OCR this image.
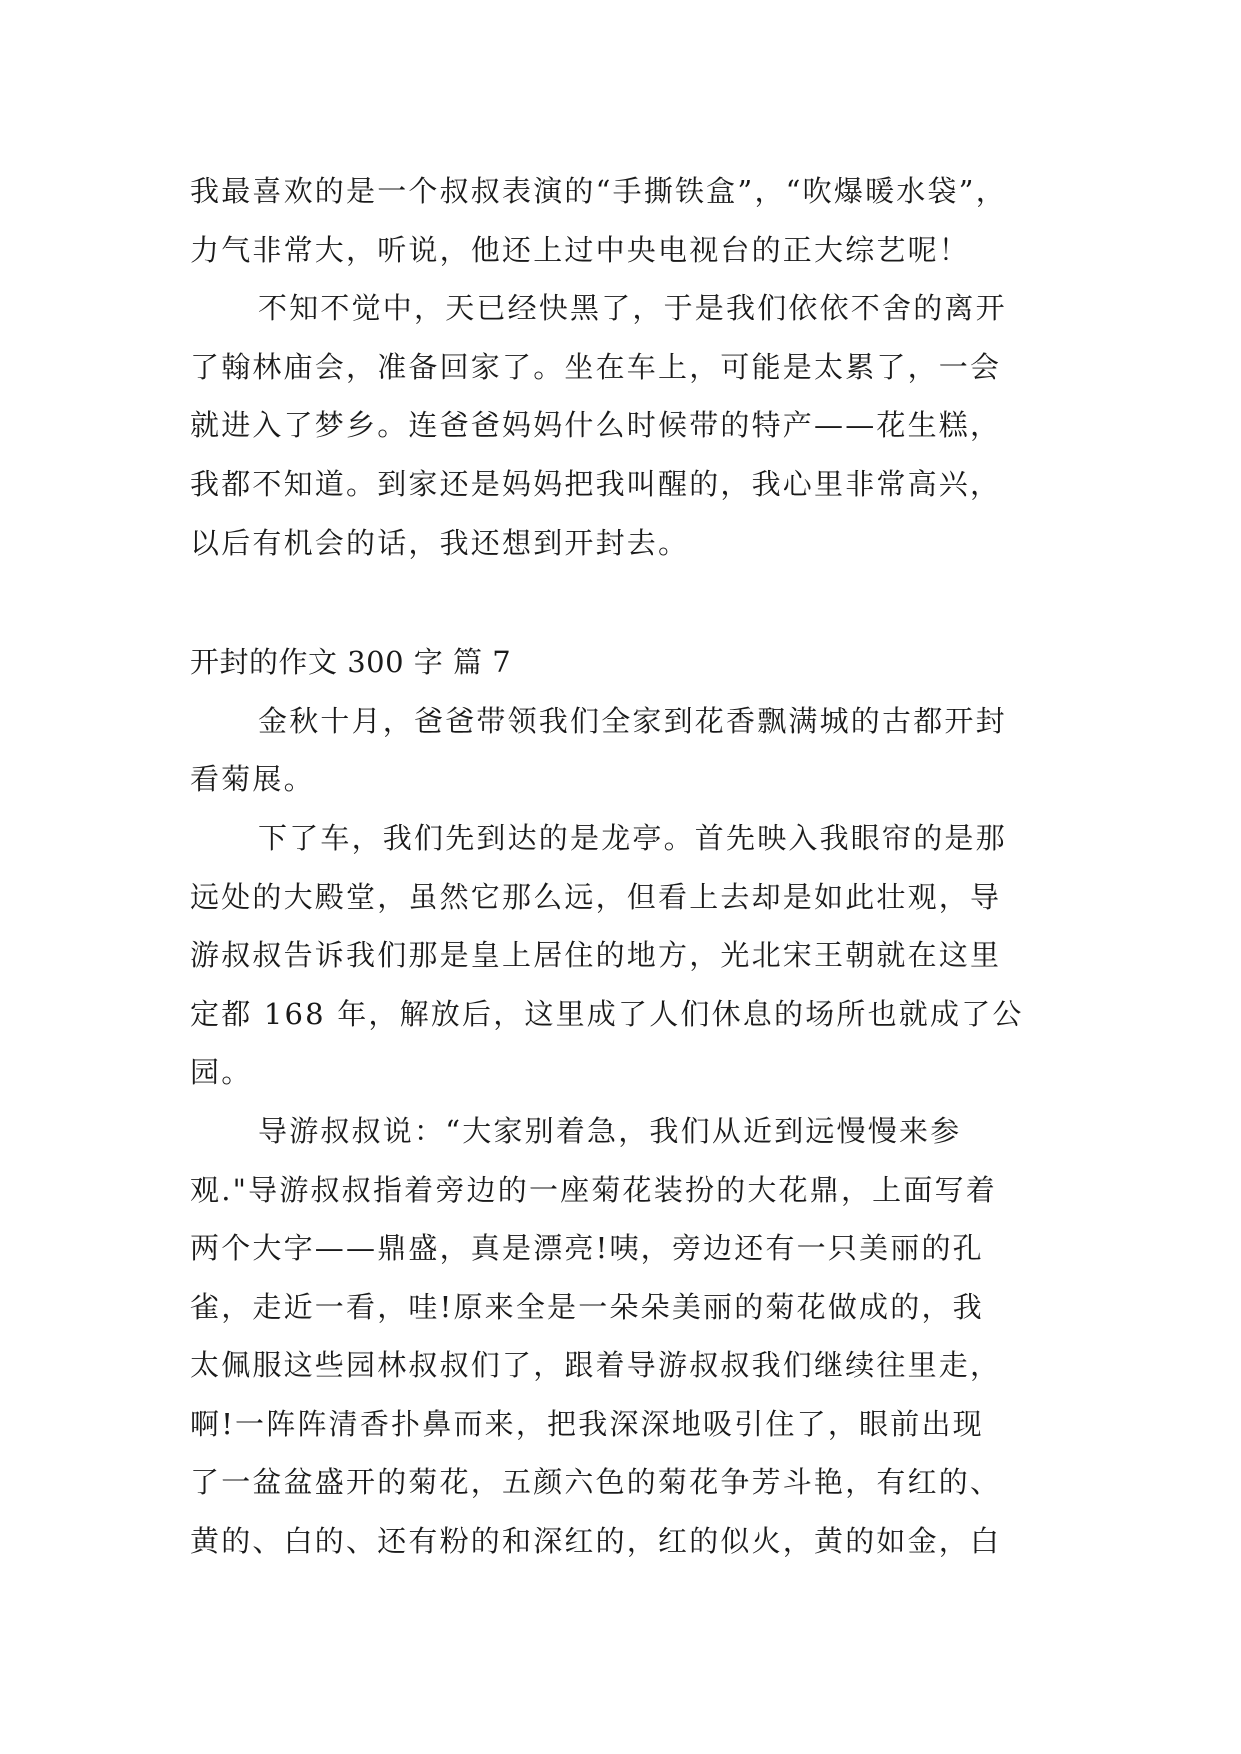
我最喜欢的是一个叔叔表演的“手撕铁盒”，“吹爆暖水袋”，
力气非常大，听说，他还上过中央电视台的正大综艺呢！
不知不觉中，天已经快黑了，于是我们依依不舍的离开
了翰林庙会，准备回家了。坐在车上，可能是太累了，一会
就进入了梦乡。连爸爸妈妈什么时候带的特产——花生糕，
我都不知道。到家还是妈妈把我叫醒的，我心里非常高兴，
以后有机会的话，我还想到开封去。
开封的作文 300 字 篇 7
金秋十月，爸爸带领我们全家到花香飘满城的古都开封
看菊展。
下了车，我们先到达的是龙亭。首先映入我眼帘的是那
远处的大殿堂，虽然它那么远，但看上去却是如此壮观，导
游叔叔告诉我们那是皇上居住的地方，光北宋王朝就在这里
定都 168 年，解放后，这里成了人们休息的场所也就成了公
园。
导游叔叔说：“大家别着急，我们从近到远慢慢来参
观."导游叔叔指着旁边的一座菊花装扮的大花鼎，上面写着
两个大字——鼎盛，真是漂亮!咦，旁边还有一只美丽的孔
雀，走近一看，哇!原来全是一朵朵美丽的菊花做成的，我
太佩服这些园林叔叔们了，跟着导游叔叔我们继续往里走，
啊!一阵阵清香扑鼻而来，把我深深地吸引住了，眼前出现
了一盆盆盛开的菊花，五颜六色的菊花争芳斗艳，有红的、
黄的、白的、还有粉的和深红的，红的似火，黄的如金，白
